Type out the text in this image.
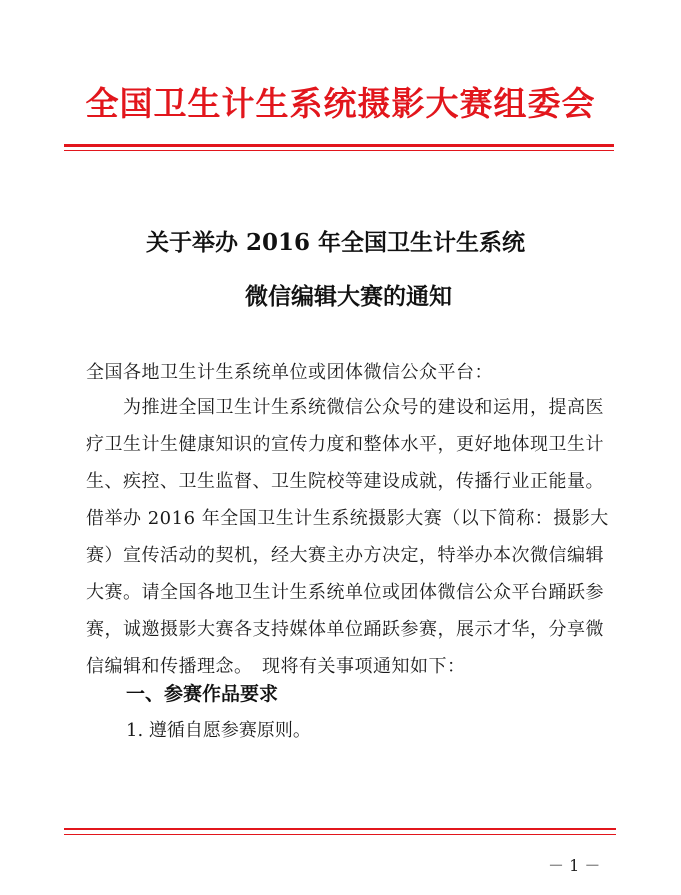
全国卫生计生系统摄影大赛组委会
关于举办 2016 年全国卫生计生系统
微信编辑大赛的通知
全国各地卫生计生系统单位或团体微信公众平台：
　　为推进全国卫生计生系统微信公众号的建设和运用，提高医
疗卫生计生健康知识的宣传力度和整体水平，更好地体现卫生计
生、疾控、卫生监督、卫生院校等建设成就，传播行业正能量。
借举办 2016 年全国卫生计生系统摄影大赛（以下简称：摄影大
赛）宣传活动的契机，经大赛主办方决定，特举办本次微信编辑
大赛。请全国各地卫生计生系统单位或团体微信公众平台踊跃参
赛，诚邀摄影大赛各支持媒体单位踊跃参赛，展示才华，分享微
信编辑和传播理念。　现将有关事项通知如下：
一、参赛作品要求
1. 遵循自愿参赛原则。
－ 1 －
